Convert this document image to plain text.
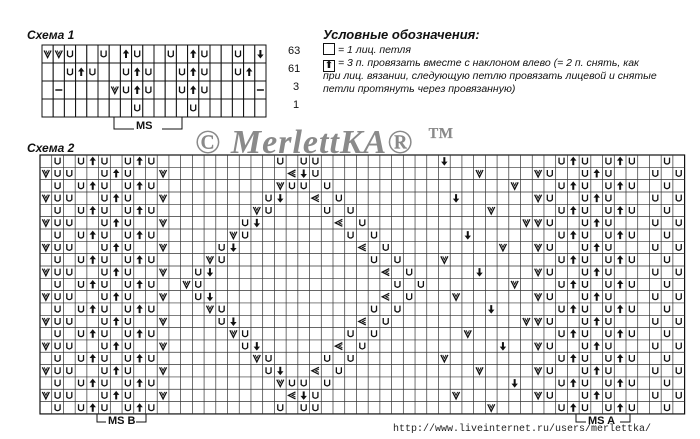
Схема 1
63
61
3
1
MS
Условные обозначения:
= 1 лиц. петля
⬆ = 3 п. провязать вместе с наклоном влево (= 2 п. снять, как
при лиц. вязании, следующую петлю провязать лицевой и снятые
петли протянуть через провязанную)
© MerlettKA® ™
Схема 2
MS B	MS A
http://www.liveinternet.ru/users/merlettka/
